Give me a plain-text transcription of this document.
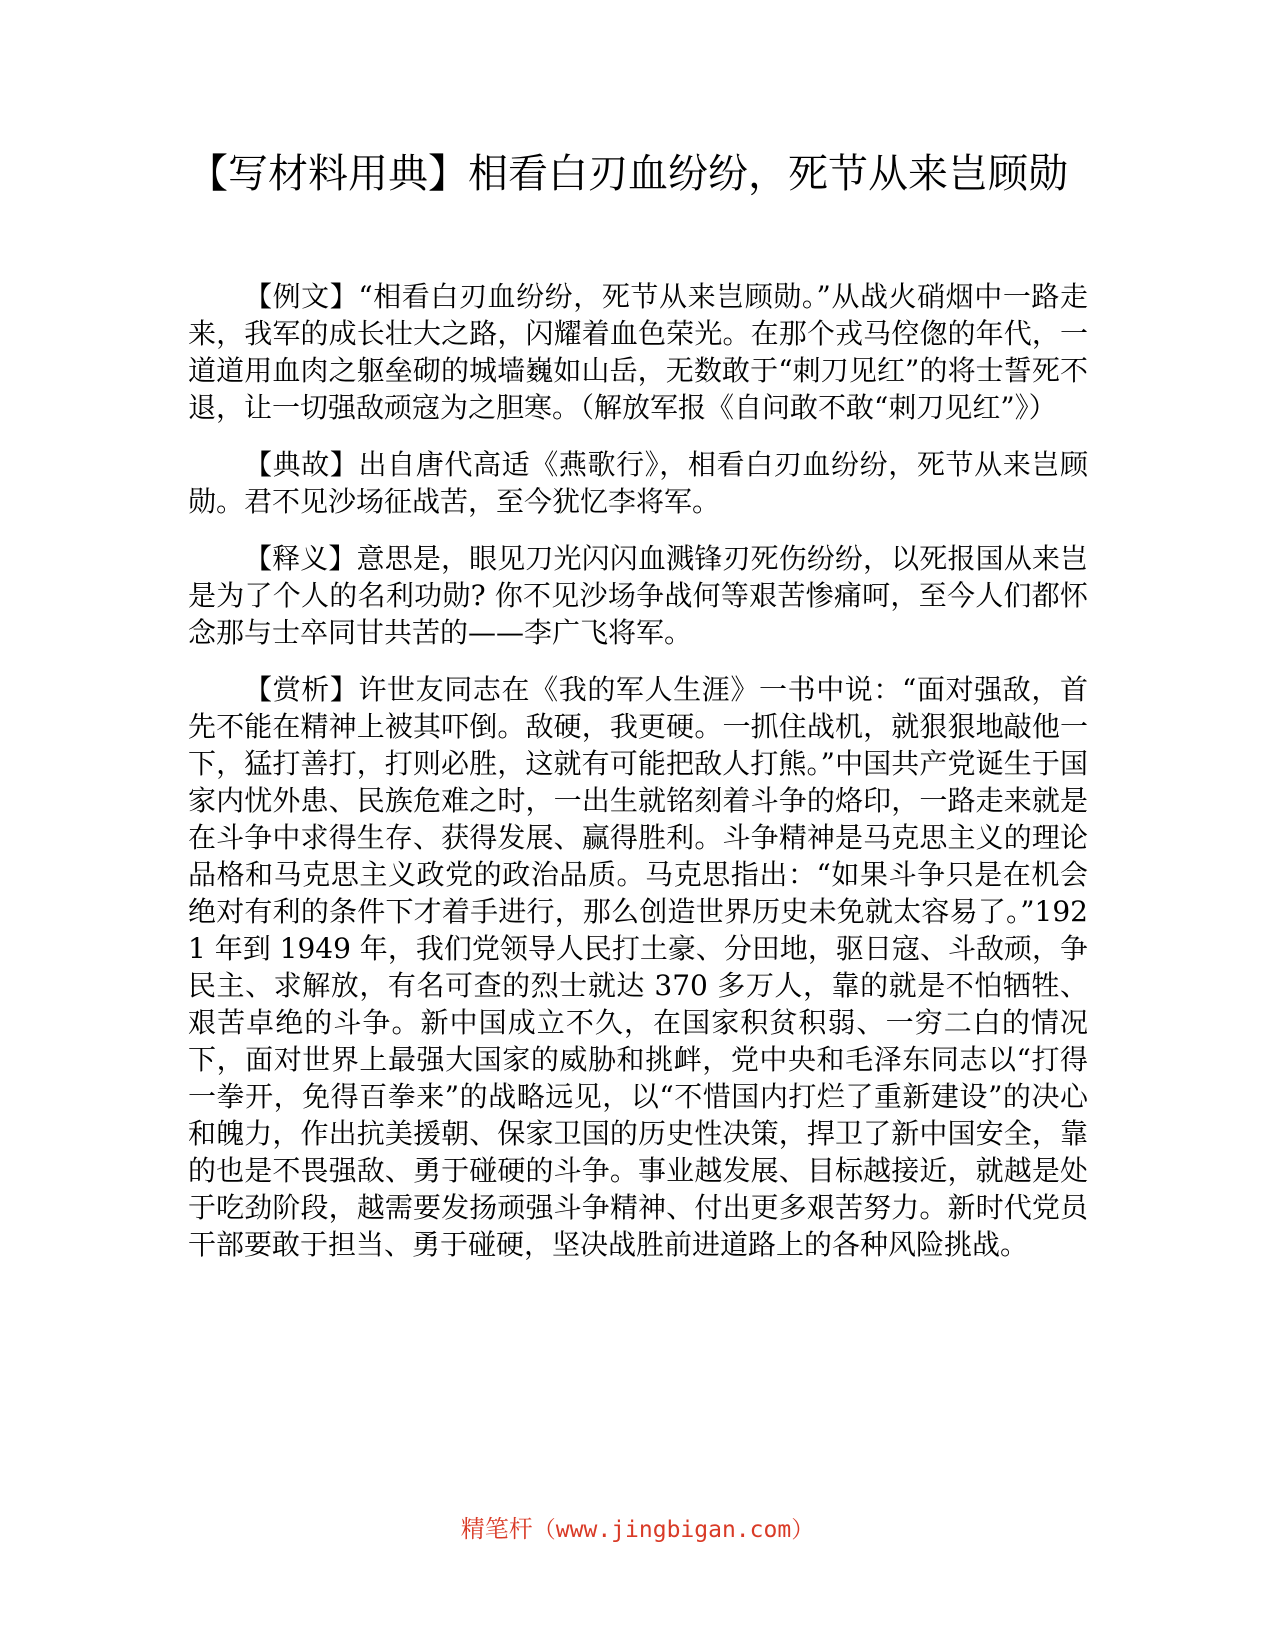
【写材料用典】相看白刃血纷纷，死节从来岂顾勋

【例文】“相看白刃血纷纷，死节从来岂顾勋。”从战火硝烟中一路走来，我军的成长壮大之路，闪耀着血色荣光。在那个戎马倥偬的年代，一道道用血肉之躯垒砌的城墙巍如山岳，无数敢于“刺刀见红”的将士誓死不退，让一切强敌顽寇为之胆寒。（解放军报《自问敢不敢“刺刀见红”》）

【典故】出自唐代高适《燕歌行》，相看白刃血纷纷，死节从来岂顾勋。君不见沙场征战苦，至今犹忆李将军。

【释义】意思是，眼见刀光闪闪血溅锋刃死伤纷纷，以死报国从来岂是为了个人的名利功勋? 你不见沙场争战何等艰苦惨痛呵，至今人们都怀念那与士卒同甘共苦的——李广飞将军。

【赏析】许世友同志在《我的军人生涯》一书中说：“面对强敌，首先不能在精神上被其吓倒。敌硬，我更硬。一抓住战机，就狠狠地敲他一下，猛打善打，打则必胜，这就有可能把敌人打熊。”中国共产党诞生于国家内忧外患、民族危难之时，一出生就铭刻着斗争的烙印，一路走来就是在斗争中求得生存、获得发展、赢得胜利。斗争精神是马克思主义的理论品格和马克思主义政党的政治品质。马克思指出：“如果斗争只是在机会绝对有利的条件下才着手进行，那么创造世界历史未免就太容易了。”1921 年到 1949 年，我们党领导人民打土豪、分田地，驱日寇、斗敌顽，争民主、求解放，有名可查的烈士就达 370 多万人，靠的就是不怕牺牲、艰苦卓绝的斗争。新中国成立不久，在国家积贫积弱、一穷二白的情况下，面对世界上最强大国家的威胁和挑衅，党中央和毛泽东同志以“打得一拳开，免得百拳来”的战略远见，以“不惜国内打烂了重新建设”的决心和魄力，作出抗美援朝、保家卫国的历史性决策，捍卫了新中国安全，靠的也是不畏强敌、勇于碰硬的斗争。事业越发展、目标越接近，就越是处于吃劲阶段，越需要发扬顽强斗争精神、付出更多艰苦努力。新时代党员干部要敢于担当、勇于碰硬，坚决战胜前进道路上的各种风险挑战。

精笔杆（www.jingbigan.com）
